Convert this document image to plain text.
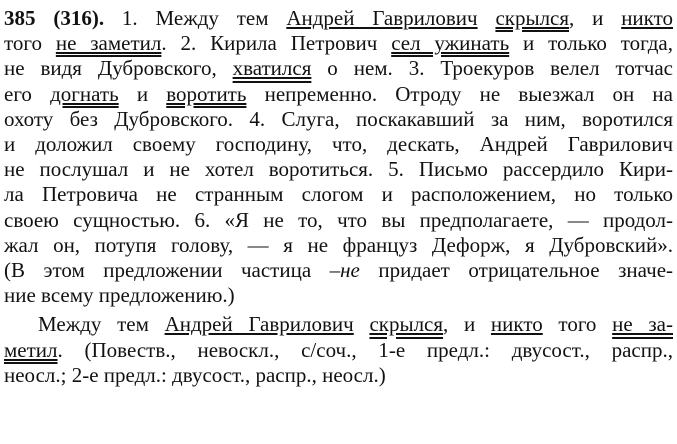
385 (316). 1. Между тем Андрей Гаврилович скрылся, и никто
того не заметил. 2. Кирила Петрович сел ужинать и только тогда,
не видя Дубровского, хватился о нем. 3. Троекуров велел тотчас
его догнать и воротить непременно. Отроду не выезжал он на
охоту без Дубровского. 4. Слуга, поскакавший за ним, воротился
и доложил своему господину, что, дескать, Андрей Гаврилович
не послушал и не хотел воротиться. 5. Письмо рассердило Кири-
ла Петровича не странным слогом и расположением, но только
своею сущностью. 6. «Я не то, что вы предполагаете, — продол-
жал он, потупя голову, — я не француз Дефорж, я Дубровский».
(В этом предложении частица –не придает отрицательное значе-
ние всему предложению.)
Между тем Андрей Гаврилович скрылся, и никто того не за-
метил. (Повеств., невоскл., с/соч., 1-е предл.: двусост., распр.,
неосл.; 2-е предл.: двусост., распр., неосл.)
